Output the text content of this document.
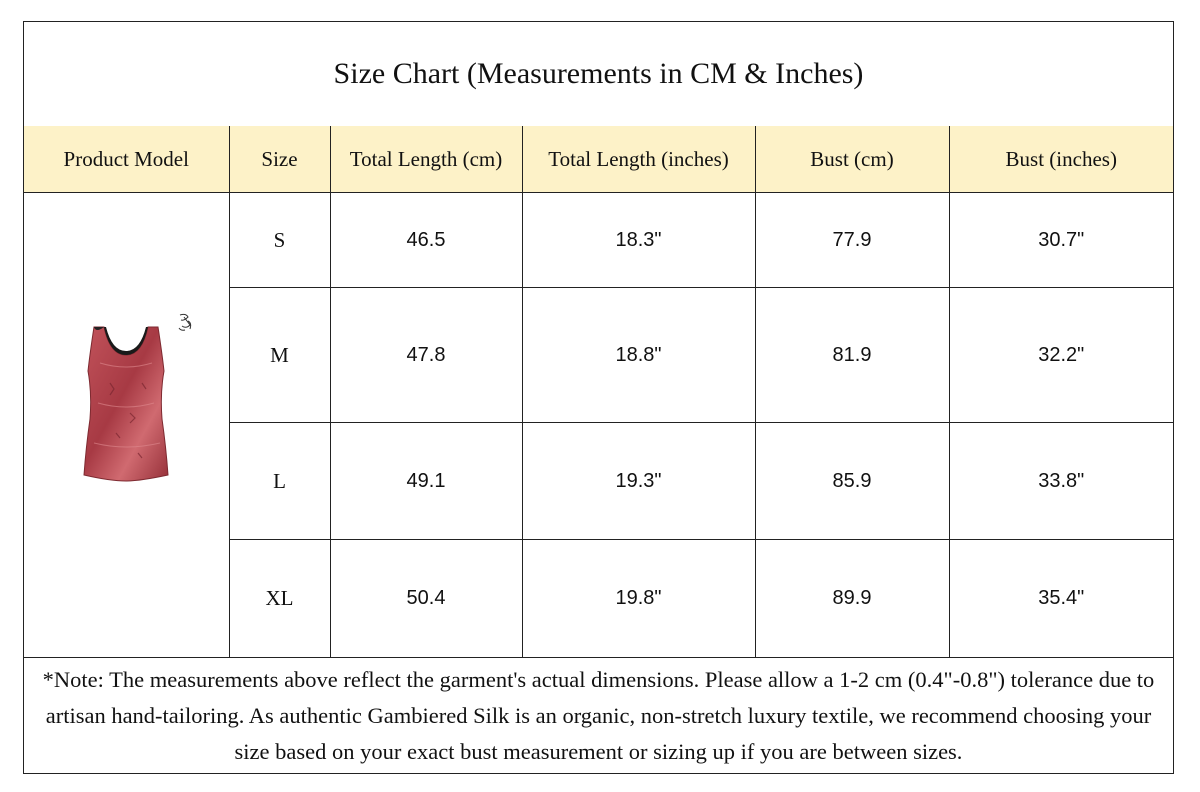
Size Chart (Measurements in CM & Inches)
Product Model	Size	Total Length (cm)	Total Length (inches)	Bust (cm)	Bust (inches)

	S	46.5	18.3"	77.9	30.7"
	M	47.8	18.8"	81.9	32.2"
	L	49.1	19.3"	85.9	33.8"
	XL	50.4	19.8"	89.9	35.4"
*Note: The measurements above reflect the garment's actual dimensions. Please allow a 1-2 cm (0.4"-0.8") tolerance due to artisan hand-tailoring. As authentic Gambiered Silk is an organic, non-stretch luxury textile, we recommend choosing your size based on your exact bust measurement or sizing up if you are between sizes.
